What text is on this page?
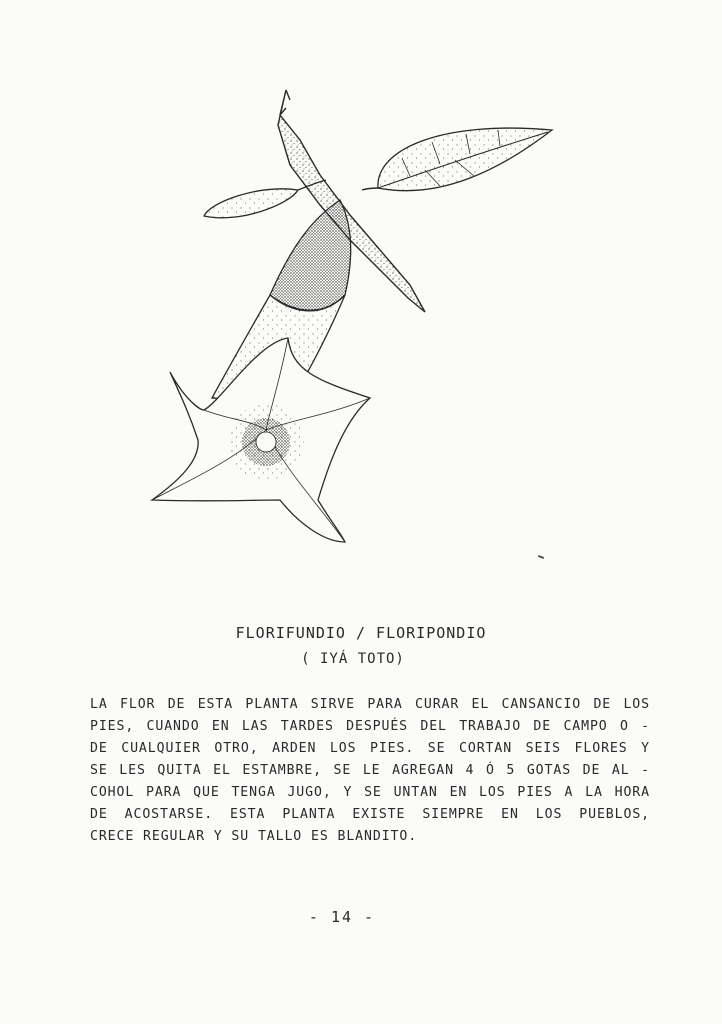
FLORIFUNDIO / FLORIPONDIO
( IYÁ TOTO)
LA FLOR DE ESTA PLANTA SIRVE PARA CURAR EL CANSANCIO DE LOS
PIES, CUANDO EN LAS TARDES DESPUÉS DEL TRABAJO DE CAMPO O -
DE CUALQUIER OTRO, ARDEN LOS PIES. SE CORTAN SEIS FLORES Y
SE LES QUITA EL ESTAMBRE, SE LE AGREGAN 4 Ó 5 GOTAS DE AL -
COHOL PARA QUE TENGA JUGO, Y SE UNTAN EN LOS PIES A LA HORA
DE ACOSTARSE. ESTA PLANTA EXISTE SIEMPRE EN LOS PUEBLOS,
CRECE REGULAR Y SU TALLO ES BLANDITO.
- 14 -
